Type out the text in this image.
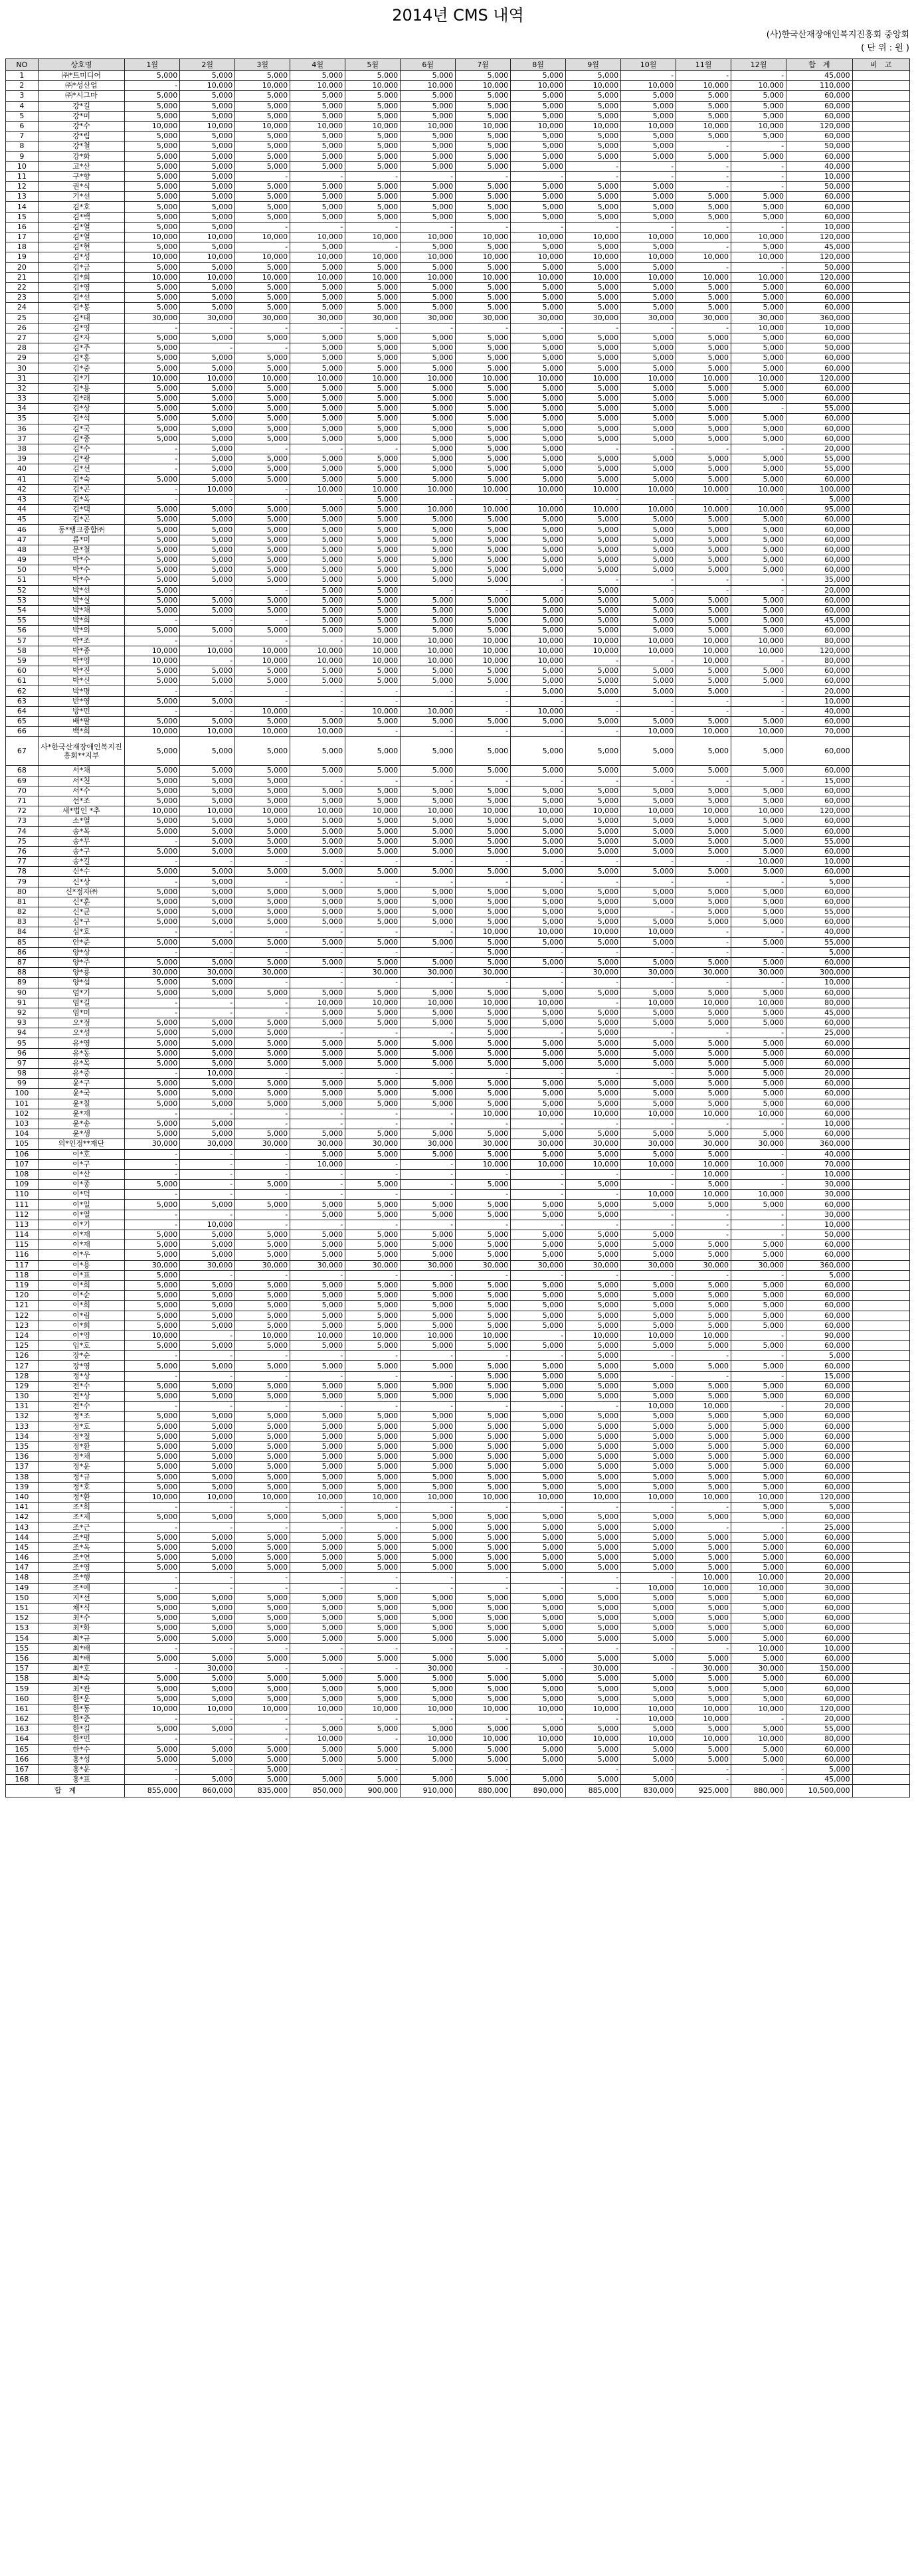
2014년 CMS 내역
(사)한국산재장애인복지진흥회 중앙회
( 단 위 : 원 )
NO	상호명	1월	2월	3월	4월	5월	6월	7월	8월	9월	10월	11월	12월	합　계	비　고
1	㈜*트미디어	5,000	5,000	5,000	5,000	5,000	5,000	5,000	5,000	5,000	-	-	-	45,000	
2	㈜*성산업	-	10,000	10,000	10,000	10,000	10,000	10,000	10,000	10,000	10,000	10,000	10,000	110,000	
3	㈜*시그마	5,000	5,000	5,000	5,000	5,000	5,000	5,000	5,000	5,000	5,000	5,000	5,000	60,000	
4	강*길	5,000	5,000	5,000	5,000	5,000	5,000	5,000	5,000	5,000	5,000	5,000	5,000	60,000	
5	강*미	5,000	5,000	5,000	5,000	5,000	5,000	5,000	5,000	5,000	5,000	5,000	5,000	60,000	
6	강*수	10,000	10,000	10,000	10,000	10,000	10,000	10,000	10,000	10,000	10,000	10,000	10,000	120,000	
7	강*림	5,000	5,000	5,000	5,000	5,000	5,000	5,000	5,000	5,000	5,000	5,000	5,000	60,000	
8	강*철	5,000	5,000	5,000	5,000	5,000	5,000	5,000	5,000	5,000	5,000	-	-	50,000	
9	강*화	5,000	5,000	5,000	5,000	5,000	5,000	5,000	5,000	5,000	5,000	5,000	5,000	60,000	
10	고*산	5,000	5,000	5,000	5,000	5,000	5,000	5,000	5,000	-	-	-	-	40,000	
11	구*향	5,000	5,000	-	-	-	-	-	-	-	-	-	-	10,000	
12	권*식	5,000	5,000	5,000	5,000	5,000	5,000	5,000	5,000	5,000	5,000	-	-	50,000	
13	기*선	5,000	5,000	5,000	5,000	5,000	5,000	5,000	5,000	5,000	5,000	5,000	5,000	60,000	
14	김*호	5,000	5,000	5,000	5,000	5,000	5,000	5,000	5,000	5,000	5,000	5,000	5,000	60,000	
15	김*백	5,000	5,000	5,000	5,000	5,000	5,000	5,000	5,000	5,000	5,000	5,000	5,000	60,000	
16	김*열	5,000	5,000	-	-	-	-	-	-	-	-	-	-	10,000	
17	김*열	10,000	10,000	10,000	10,000	10,000	10,000	10,000	10,000	10,000	10,000	10,000	10,000	120,000	
18	김*현	5,000	5,000	-	5,000	-	5,000	5,000	5,000	5,000	5,000	-	5,000	45,000	
19	김*성	10,000	10,000	10,000	10,000	10,000	10,000	10,000	10,000	10,000	10,000	10,000	10,000	120,000	
20	김*금	5,000	5,000	5,000	5,000	5,000	5,000	5,000	5,000	5,000	5,000	-	-	50,000	
21	김*희	10,000	10,000	10,000	10,000	10,000	10,000	10,000	10,000	10,000	10,000	10,000	10,000	120,000	
22	김*영	5,000	5,000	5,000	5,000	5,000	5,000	5,000	5,000	5,000	5,000	5,000	5,000	60,000	
23	김*선	5,000	5,000	5,000	5,000	5,000	5,000	5,000	5,000	5,000	5,000	5,000	5,000	60,000	
24	김*봉	5,000	5,000	5,000	5,000	5,000	5,000	5,000	5,000	5,000	5,000	5,000	5,000	60,000	
25	김*태	30,000	30,000	30,000	30,000	30,000	30,000	30,000	30,000	30,000	30,000	30,000	30,000	360,000	
26	김*영	-	-	-	-	-	-	-	-	-	-	-	10,000	10,000	
27	김*자	5,000	5,000	5,000	5,000	5,000	5,000	5,000	5,000	5,000	5,000	5,000	5,000	60,000	
28	김*주	5,000	-	-	5,000	5,000	5,000	5,000	5,000	5,000	5,000	5,000	5,000	50,000	
29	김*홍	5,000	5,000	5,000	5,000	5,000	5,000	5,000	5,000	5,000	5,000	5,000	5,000	60,000	
30	김*중	5,000	5,000	5,000	5,000	5,000	5,000	5,000	5,000	5,000	5,000	5,000	5,000	60,000	
31	김*기	10,000	10,000	10,000	10,000	10,000	10,000	10,000	10,000	10,000	10,000	10,000	10,000	120,000	
32	김*용	5,000	5,000	5,000	5,000	5,000	5,000	5,000	5,000	5,000	5,000	5,000	5,000	60,000	
33	김*래	5,000	5,000	5,000	5,000	5,000	5,000	5,000	5,000	5,000	5,000	5,000	5,000	60,000	
34	김*상	5,000	5,000	5,000	5,000	5,000	5,000	5,000	5,000	5,000	5,000	5,000	-	55,000	
35	김*석	5,000	5,000	5,000	5,000	5,000	5,000	5,000	5,000	5,000	5,000	5,000	5,000	60,000	
36	김*국	5,000	5,000	5,000	5,000	5,000	5,000	5,000	5,000	5,000	5,000	5,000	5,000	60,000	
37	김*종	5,000	5,000	5,000	5,000	5,000	5,000	5,000	5,000	5,000	5,000	5,000	5,000	60,000	
38	김*수	-	5,000	-	-	-	5,000	5,000	5,000	-	-	-	-	20,000	
39	김*광	-	5,000	5,000	5,000	5,000	5,000	5,000	5,000	5,000	5,000	5,000	5,000	55,000	
40	김*선	-	5,000	5,000	5,000	5,000	5,000	5,000	5,000	5,000	5,000	5,000	5,000	55,000	
41	김*숙	5,000	5,000	5,000	5,000	5,000	5,000	5,000	5,000	5,000	5,000	5,000	5,000	60,000	
42	김*곤	-	10,000	-	10,000	10,000	10,000	10,000	10,000	10,000	10,000	10,000	10,000	100,000	
43	김*옥	-	-	-	-	5,000	-	-	-	-	-	-	-	5,000	
44	김*택	5,000	5,000	5,000	5,000	5,000	10,000	10,000	10,000	10,000	10,000	10,000	10,000	95,000	
45	김*곤	5,000	5,000	5,000	5,000	5,000	5,000	5,000	5,000	5,000	5,000	5,000	5,000	60,000	
46	동*탱크종합㈜	5,000	5,000	5,000	5,000	5,000	5,000	5,000	5,000	5,000	5,000	5,000	5,000	60,000	
47	류*미	5,000	5,000	5,000	5,000	5,000	5,000	5,000	5,000	5,000	5,000	5,000	5,000	60,000	
48	문*철	5,000	5,000	5,000	5,000	5,000	5,000	5,000	5,000	5,000	5,000	5,000	5,000	60,000	
49	박*수	5,000	5,000	5,000	5,000	5,000	5,000	5,000	5,000	5,000	5,000	5,000	5,000	60,000	
50	박*수	5,000	5,000	5,000	5,000	5,000	5,000	5,000	5,000	5,000	5,000	5,000	5,000	60,000	
51	박*수	5,000	5,000	5,000	5,000	5,000	5,000	5,000	-	-	-	-	-	35,000	
52	박*선	5,000	-	-	5,000	5,000	-	-	-	5,000	-	-	-	20,000	
53	박*실	5,000	5,000	5,000	5,000	5,000	5,000	5,000	5,000	5,000	5,000	5,000	5,000	60,000	
54	박*채	5,000	5,000	5,000	5,000	5,000	5,000	5,000	5,000	5,000	5,000	5,000	5,000	60,000	
55	박*희	-	-	-	5,000	5,000	5,000	5,000	5,000	5,000	5,000	5,000	5,000	45,000	
56	박*의	5,000	5,000	5,000	5,000	5,000	5,000	5,000	5,000	5,000	5,000	5,000	5,000	60,000	
57	박*조	-	-	-	-	10,000	10,000	10,000	10,000	10,000	10,000	10,000	10,000	80,000	
58	박*종	10,000	10,000	10,000	10,000	10,000	10,000	10,000	10,000	10,000	10,000	10,000	10,000	120,000	
59	박*영	10,000	-	10,000	10,000	10,000	10,000	10,000	10,000	-	-	10,000	-	80,000	
60	박*진	5,000	5,000	5,000	5,000	5,000	5,000	5,000	5,000	5,000	5,000	5,000	5,000	60,000	
61	박*신	5,000	5,000	5,000	5,000	5,000	5,000	5,000	5,000	5,000	5,000	5,000	5,000	60,000	
62	박*명	-	-	-	-	-	-	-	5,000	5,000	5,000	5,000	-	20,000	
63	반*영	5,000	5,000	-	-	-	-	-	-	-	-	-	-	10,000	
64	방*민	-	-	10,000	-	10,000	10,000	-	10,000	-	-	-	-	40,000	
65	배*팔	5,000	5,000	5,000	5,000	5,000	5,000	5,000	5,000	5,000	5,000	5,000	5,000	60,000	
66	백*희	10,000	10,000	10,000	10,000	-	-	-	-	-	10,000	10,000	10,000	70,000	
67	사*한국산재장애인복지진흥회**지부	5,000	5,000	5,000	5,000	5,000	5,000	5,000	5,000	5,000	5,000	5,000	5,000	60,000	
68	서*채	5,000	5,000	5,000	5,000	5,000	5,000	5,000	5,000	5,000	5,000	5,000	5,000	60,000	
69	서*천	5,000	5,000	5,000	-	-	-	-	-	-	-	-	-	15,000	
70	서*수	5,000	5,000	5,000	5,000	5,000	5,000	5,000	5,000	5,000	5,000	5,000	5,000	60,000	
71	선*조	5,000	5,000	5,000	5,000	5,000	5,000	5,000	5,000	5,000	5,000	5,000	5,000	60,000	
72	세*법인 *추	10,000	10,000	10,000	10,000	10,000	10,000	10,000	10,000	10,000	10,000	10,000	10,000	120,000	
73	소*열	5,000	5,000	5,000	5,000	5,000	5,000	5,000	5,000	5,000	5,000	5,000	5,000	60,000	
74	송*목	5,000	5,000	5,000	5,000	5,000	5,000	5,000	5,000	5,000	5,000	5,000	5,000	60,000	
75	송*무	-	5,000	5,000	5,000	5,000	5,000	5,000	5,000	5,000	5,000	5,000	5,000	55,000	
76	송*구	5,000	5,000	5,000	5,000	5,000	5,000	5,000	5,000	5,000	5,000	5,000	5,000	60,000	
77	송*길	-	-	-	-	-	-	-	-	-	-	-	10,000	10,000	
78	신*수	5,000	5,000	5,000	5,000	5,000	5,000	5,000	5,000	5,000	5,000	5,000	5,000	60,000	
79	신*상	-	5,000	-	-	-	-	-	-	-	-	-	-	5,000	
80	신*정자㈜	5,000	5,000	5,000	5,000	5,000	5,000	5,000	5,000	5,000	5,000	5,000	5,000	60,000	
81	신*훈	5,000	5,000	5,000	5,000	5,000	5,000	5,000	5,000	5,000	5,000	5,000	5,000	60,000	
82	신*균	5,000	5,000	5,000	5,000	5,000	5,000	5,000	5,000	5,000	-	5,000	5,000	55,000	
83	심*구	5,000	5,000	5,000	5,000	5,000	5,000	5,000	5,000	5,000	5,000	5,000	5,000	60,000	
84	심*호	-	-	-	-	-	-	10,000	10,000	10,000	10,000	-	-	40,000	
85	안*준	5,000	5,000	5,000	5,000	5,000	5,000	5,000	5,000	5,000	5,000	-	5,000	55,000	
86	양*상	-	-	-	-	-	-	5,000	-	-	-	-	-	5,000	
87	양*주	5,000	5,000	5,000	5,000	5,000	5,000	5,000	5,000	5,000	5,000	5,000	5,000	60,000	
88	양*룡	30,000	30,000	30,000	-	30,000	30,000	30,000	-	30,000	30,000	30,000	30,000	300,000	
89	양*섭	5,000	5,000	-	-	-	-	-	-	-	-	-	-	10,000	
90	엄*기	5,000	5,000	5,000	5,000	5,000	5,000	5,000	5,000	5,000	5,000	5,000	5,000	60,000	
91	염*길	-	-	-	10,000	10,000	10,000	10,000	10,000	-	10,000	10,000	10,000	80,000	
92	염*미	-	-	-	5,000	5,000	5,000	5,000	5,000	5,000	5,000	5,000	5,000	45,000	
93	오*정	5,000	5,000	5,000	5,000	5,000	5,000	5,000	5,000	5,000	5,000	5,000	5,000	60,000	
94	오*성	5,000	5,000	5,000	-	-	-	5,000	-	5,000	-	-	-	25,000	
95	유*영	5,000	5,000	5,000	5,000	5,000	5,000	5,000	5,000	5,000	5,000	5,000	5,000	60,000	
96	유*동	5,000	5,000	5,000	5,000	5,000	5,000	5,000	5,000	5,000	5,000	5,000	5,000	60,000	
97	유*목	5,000	5,000	5,000	5,000	5,000	5,000	5,000	5,000	5,000	5,000	5,000	5,000	60,000	
98	유*중	-	10,000	-	-	-	-	-	-	-	-	5,000	5,000	20,000	
99	윤*구	5,000	5,000	5,000	5,000	5,000	5,000	5,000	5,000	5,000	5,000	5,000	5,000	60,000	
100	윤*국	5,000	5,000	5,000	5,000	5,000	5,000	5,000	5,000	5,000	5,000	5,000	5,000	60,000	
101	윤*칠	5,000	5,000	5,000	5,000	5,000	5,000	5,000	5,000	5,000	5,000	5,000	5,000	60,000	
102	윤*재	-	-	-	-	-	-	10,000	10,000	10,000	10,000	10,000	10,000	60,000	
103	윤*송	5,000	5,000	-	-	-	-	-	-	-	-	-	-	10,000	
104	윤*생	5,000	5,000	5,000	5,000	5,000	5,000	5,000	5,000	5,000	5,000	5,000	5,000	60,000	
105	의*인정**재단	30,000	30,000	30,000	30,000	30,000	30,000	30,000	30,000	30,000	30,000	30,000	30,000	360,000	
106	이*호	-	-	-	5,000	5,000	5,000	5,000	5,000	5,000	5,000	5,000	-	40,000	
107	이*구	-	-	-	10,000	-	-	10,000	10,000	10,000	10,000	10,000	10,000	70,000	
108	이*산	-	-	-	-	-	-	-	-	-	-	10,000	-	10,000	
109	이*종	5,000	-	5,000	-	5,000	-	5,000	-	5,000	-	5,000	-	30,000	
110	이*덕	-	-	-	-	-	-	-	-	-	10,000	10,000	10,000	30,000	
111	이*일	5,000	5,000	5,000	5,000	5,000	5,000	5,000	5,000	5,000	5,000	5,000	5,000	60,000	
112	이*열	-	-	-	5,000	5,000	5,000	5,000	5,000	5,000	-	-	-	30,000	
113	이*기	-	10,000	-	-	-	-	-	-	-	-	-	-	10,000	
114	이*재	5,000	5,000	5,000	5,000	5,000	5,000	5,000	5,000	5,000	5,000	-	-	50,000	
115	이*재	5,000	5,000	5,000	5,000	5,000	5,000	5,000	5,000	5,000	5,000	5,000	5,000	60,000	
116	이*우	5,000	5,000	5,000	5,000	5,000	5,000	5,000	5,000	5,000	5,000	5,000	5,000	60,000	
117	이*용	30,000	30,000	30,000	30,000	30,000	30,000	30,000	30,000	30,000	30,000	30,000	30,000	360,000	
118	이*표	5,000	-	-	-	-	-	-	-	-	-	-	-	5,000	
119	이*희	5,000	5,000	5,000	5,000	5,000	5,000	5,000	5,000	5,000	5,000	5,000	5,000	60,000	
120	이*순	5,000	5,000	5,000	5,000	5,000	5,000	5,000	5,000	5,000	5,000	5,000	5,000	60,000	
121	이*희	5,000	5,000	5,000	5,000	5,000	5,000	5,000	5,000	5,000	5,000	5,000	5,000	60,000	
122	이*림	5,000	5,000	5,000	5,000	5,000	5,000	5,000	5,000	5,000	5,000	5,000	5,000	60,000	
123	이*희	5,000	5,000	5,000	5,000	5,000	5,000	5,000	5,000	5,000	5,000	5,000	5,000	60,000	
124	이*영	10,000	-	10,000	10,000	10,000	10,000	10,000	-	10,000	10,000	10,000	-	90,000	
125	임*호	5,000	5,000	5,000	5,000	5,000	5,000	5,000	5,000	5,000	5,000	5,000	5,000	60,000	
126	장*순	-	-	-	-	-	-	-	-	5,000	-	-	-	5,000	
127	장*영	5,000	5,000	5,000	5,000	5,000	5,000	5,000	5,000	5,000	5,000	5,000	5,000	60,000	
128	정*상	-	-	-	-	-	-	5,000	5,000	5,000	-	-	-	15,000	
129	전*수	5,000	5,000	5,000	5,000	5,000	5,000	5,000	5,000	5,000	5,000	5,000	5,000	60,000	
130	전*상	5,000	5,000	5,000	5,000	5,000	5,000	5,000	5,000	5,000	5,000	5,000	5,000	60,000	
131	전*수	-	-	-	-	-	-	-	-	-	10,000	10,000	-	20,000	
132	정*조	5,000	5,000	5,000	5,000	5,000	5,000	5,000	5,000	5,000	5,000	5,000	5,000	60,000	
133	정*호	5,000	5,000	5,000	5,000	5,000	5,000	5,000	5,000	5,000	5,000	5,000	5,000	60,000	
134	정*철	5,000	5,000	5,000	5,000	5,000	5,000	5,000	5,000	5,000	5,000	5,000	5,000	60,000	
135	정*환	5,000	5,000	5,000	5,000	5,000	5,000	5,000	5,000	5,000	5,000	5,000	5,000	60,000	
136	정*채	5,000	5,000	5,000	5,000	5,000	5,000	5,000	5,000	5,000	5,000	5,000	5,000	60,000	
137	정*운	5,000	5,000	5,000	5,000	5,000	5,000	5,000	5,000	5,000	5,000	5,000	5,000	60,000	
138	정*규	5,000	5,000	5,000	5,000	5,000	5,000	5,000	5,000	5,000	5,000	5,000	5,000	60,000	
139	정*호	5,000	5,000	5,000	5,000	5,000	5,000	5,000	5,000	5,000	5,000	5,000	5,000	60,000	
140	정*환	10,000	10,000	10,000	10,000	10,000	10,000	10,000	10,000	10,000	10,000	10,000	10,000	120,000	
141	조*희	-	-	-	-	-	-	-	-	-	-	-	5,000	5,000	
142	조*제	5,000	5,000	5,000	5,000	5,000	5,000	5,000	5,000	5,000	5,000	5,000	5,000	60,000	
143	조*근	-	-	-	-	-	5,000	5,000	5,000	5,000	5,000	-	-	25,000	
144	조*평	5,000	5,000	5,000	5,000	5,000	5,000	5,000	5,000	5,000	5,000	5,000	5,000	60,000	
145	조*옥	5,000	5,000	5,000	5,000	5,000	5,000	5,000	5,000	5,000	5,000	5,000	5,000	60,000	
146	조*연	5,000	5,000	5,000	5,000	5,000	5,000	5,000	5,000	5,000	5,000	5,000	5,000	60,000	
147	조*영	5,000	5,000	5,000	5,000	5,000	5,000	5,000	5,000	5,000	5,000	5,000	5,000	60,000	
148	조*행	-	-	-	-	-	-	-	-	-	-	10,000	10,000	20,000	
149	조*예	-	-	-	-	-	-	-	-	-	10,000	10,000	10,000	30,000	
150	지*선	5,000	5,000	5,000	5,000	5,000	5,000	5,000	5,000	5,000	5,000	5,000	5,000	60,000	
151	채*식	5,000	5,000	5,000	5,000	5,000	5,000	5,000	5,000	5,000	5,000	5,000	5,000	60,000	
152	최*수	5,000	5,000	5,000	5,000	5,000	5,000	5,000	5,000	5,000	5,000	5,000	5,000	60,000	
153	최*화	5,000	5,000	5,000	5,000	5,000	5,000	5,000	5,000	5,000	5,000	5,000	5,000	60,000	
154	최*규	5,000	5,000	5,000	5,000	5,000	5,000	5,000	5,000	5,000	5,000	5,000	5,000	60,000	
155	최*배	-	-	-	-	-	-	-	-	-	-	-	10,000	10,000	
156	최*배	5,000	5,000	5,000	5,000	5,000	5,000	5,000	5,000	5,000	5,000	5,000	5,000	60,000	
157	최*호	-	30,000	-	-	-	30,000	-	-	30,000	-	30,000	30,000	150,000	
158	최*숙	5,000	5,000	5,000	5,000	5,000	5,000	5,000	5,000	5,000	5,000	5,000	5,000	60,000	
159	최*관	5,000	5,000	5,000	5,000	5,000	5,000	5,000	5,000	5,000	5,000	5,000	5,000	60,000	
160	한*운	5,000	5,000	5,000	5,000	5,000	5,000	5,000	5,000	5,000	5,000	5,000	5,000	60,000	
161	한*동	10,000	10,000	10,000	10,000	10,000	10,000	10,000	10,000	10,000	10,000	10,000	10,000	120,000	
162	한*준	-	-	-	-	-	-	-	-	-	10,000	10,000	-	20,000	
163	한*길	5,000	5,000	-	5,000	5,000	5,000	5,000	5,000	5,000	5,000	5,000	5,000	55,000	
164	한*민	-	-	-	10,000	-	10,000	10,000	10,000	10,000	10,000	10,000	10,000	80,000	
165	한*수	5,000	5,000	5,000	5,000	5,000	5,000	5,000	5,000	5,000	5,000	5,000	5,000	60,000	
166	홍*성	5,000	5,000	5,000	5,000	5,000	5,000	5,000	5,000	5,000	5,000	5,000	5,000	60,000	
167	홍*운	-	-	5,000	-	-	-	-	-	-	-	-	-	5,000	
168	홍*표	-	5,000	5,000	5,000	5,000	5,000	5,000	5,000	5,000	5,000	-	-	45,000	
합　계		855,000	860,000	835,000	850,000	900,000	910,000	880,000	890,000	885,000	830,000	925,000	880,000	10,500,000	
